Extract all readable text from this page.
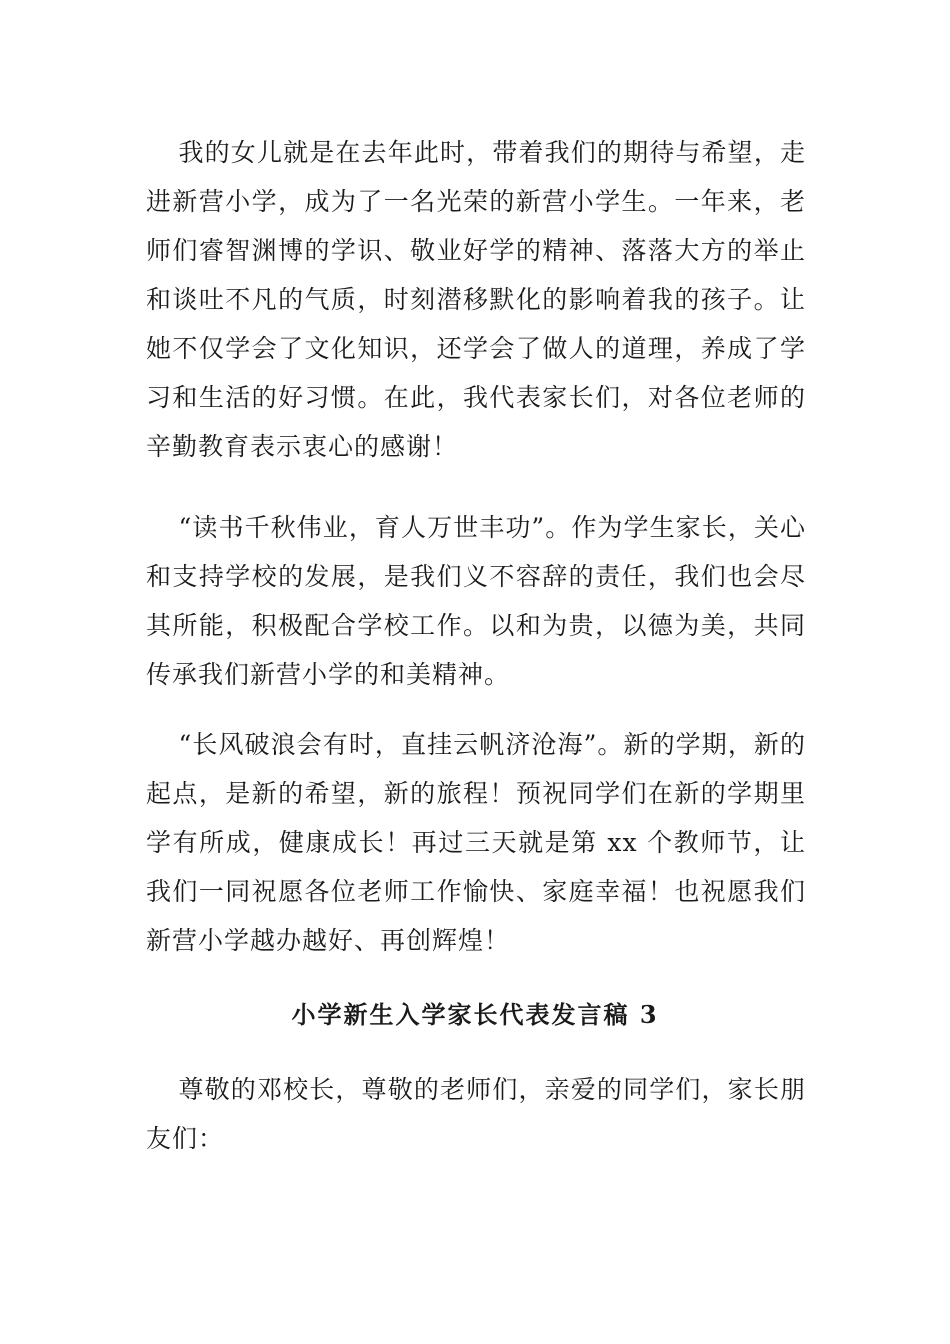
我的女儿就是在去年此时，带着我们的期待与希望，走进新营小学，成为了一名光荣的新营小学生。一年来，老师们睿智渊博的学识、敬业好学的精神、落落大方的举止和谈吐不凡的气质，时刻潜移默化的影响着我的孩子。让她不仅学会了文化知识，还学会了做人的道理，养成了学习和生活的好习惯。在此，我代表家长们，对各位老师的辛勤教育表示衷心的感谢！

“读书千秋伟业，育人万世丰功”。作为学生家长，关心和支持学校的发展，是我们义不容辞的责任，我们也会尽其所能，积极配合学校工作。以和为贵，以德为美，共同传承我们新营小学的和美精神。

“长风破浪会有时，直挂云帆济沧海”。新的学期，新的起点，是新的希望，新的旅程！预祝同学们在新的学期里学有所成，健康成长！再过三天就是第 xx 个教师节，让我们一同祝愿各位老师工作愉快、家庭幸福！也祝愿我们新营小学越办越好、再创辉煌！

小学新生入学家长代表发言稿 3

尊敬的邓校长，尊敬的老师们，亲爱的同学们，家长朋友们：
